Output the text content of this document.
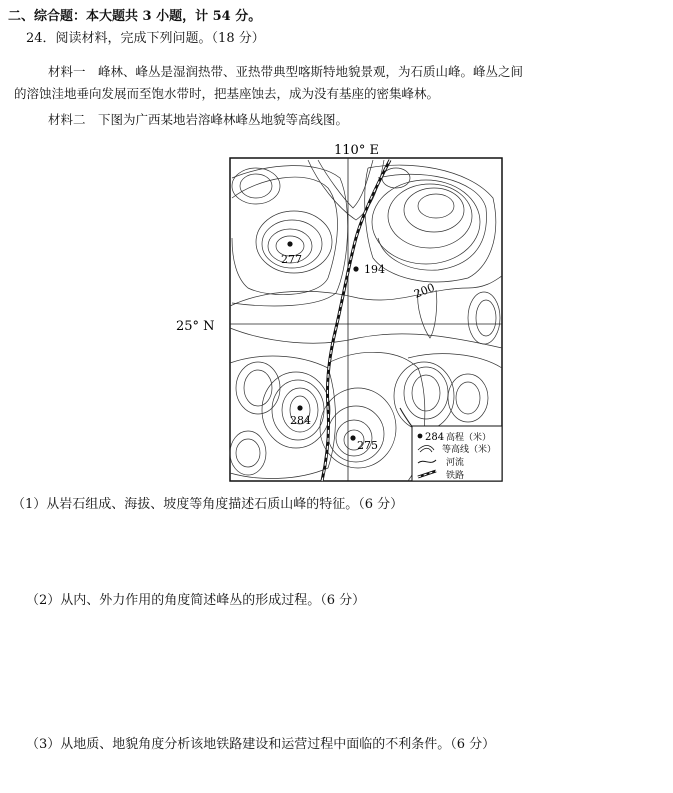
二、综合题：本大题共 3 小题，计 54 分。
24．阅读材料，完成下列问题。（18 分）
材料一　峰林、峰丛是湿润热带、亚热带典型喀斯特地貌景观，为石质山峰。峰丛之间
的溶蚀洼地垂向发展而至饱水带时，把基座蚀去，成为没有基座的密集峰林。
材料二　下图为广西某地岩溶峰林峰丛地貌等高线图。
110° E
25° N
277
194
200
284
275
284 高程（米）
等高线（米）
河流
铁路
（1）从岩石组成、海拔、坡度等角度描述石质山峰的特征。（6 分）
（2）从内、外力作用的角度简述峰丛的形成过程。（6 分）
（3）从地质、地貌角度分析该地铁路建设和运营过程中面临的不利条件。（6 分）
